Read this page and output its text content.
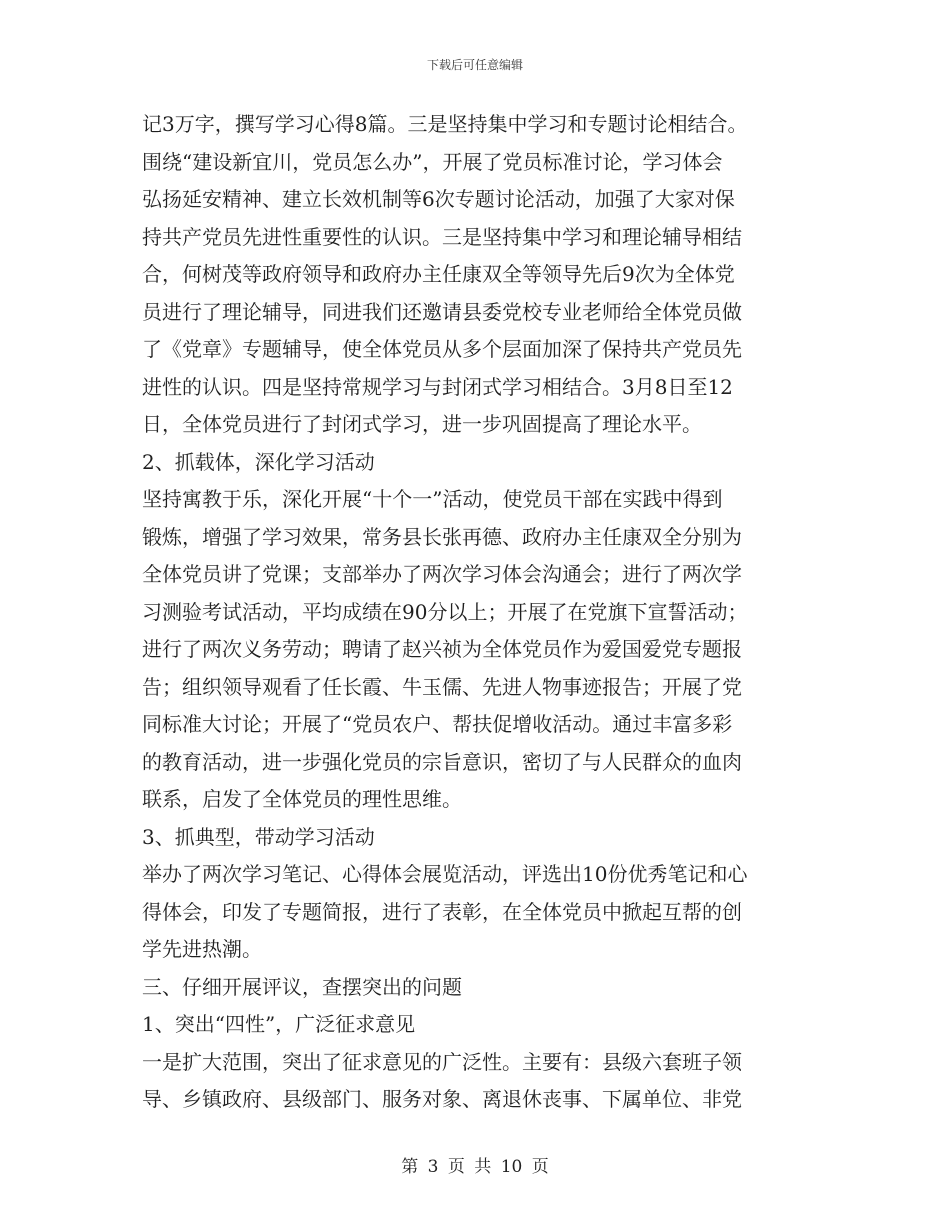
下载后可任意编辑
记3万字，撰写学习心得8篇。三是坚持集中学习和专题讨论相结合。
围绕“建设新宜川，党员怎么办”，开展了党员标准讨论，学习体会
弘扬延安精神、建立长效机制等6次专题讨论活动，加强了大家对保
持共产党员先进性重要性的认识。三是坚持集中学习和理论辅导相结
合，何树茂等政府领导和政府办主任康双全等领导先后9次为全体党
员进行了理论辅导，同进我们还邀请县委党校专业老师给全体党员做
了《党章》专题辅导，使全体党员从多个层面加深了保持共产党员先
进性的认识。四是坚持常规学习与封闭式学习相结合。3月8日至12
日，全体党员进行了封闭式学习，进一步巩固提高了理论水平。
2、抓载体，深化学习活动
坚持寓教于乐，深化开展“十个一”活动，使党员干部在实践中得到
锻炼，增强了学习效果，常务县长张再德、政府办主任康双全分别为
全体党员讲了党课；支部举办了两次学习体会沟通会；进行了两次学
习测验考试活动，平均成绩在90分以上；开展了在党旗下宣誓活动；
进行了两次义务劳动；聘请了赵兴祯为全体党员作为爱国爱党专题报
告；组织领导观看了任长霞、牛玉儒、先进人物事迹报告；开展了党
同标准大讨论；开展了“党员农户、帮扶促增收活动。通过丰富多彩
的教育活动，进一步强化党员的宗旨意识，密切了与人民群众的血肉
联系，启发了全体党员的理性思维。
3、抓典型，带动学习活动
举办了两次学习笔记、心得体会展览活动，评选出10份优秀笔记和心
得体会，印发了专题简报，进行了表彰，在全体党员中掀起互帮的创
学先进热潮。
三、仔细开展评议，查摆突出的问题
1、突出“四性”，广泛征求意见
一是扩大范围，突出了征求意见的广泛性。主要有：县级六套班子领
导、乡镇政府、县级部门、服务对象、离退休丧事、下属单位、非党
第 3 页 共 10 页
